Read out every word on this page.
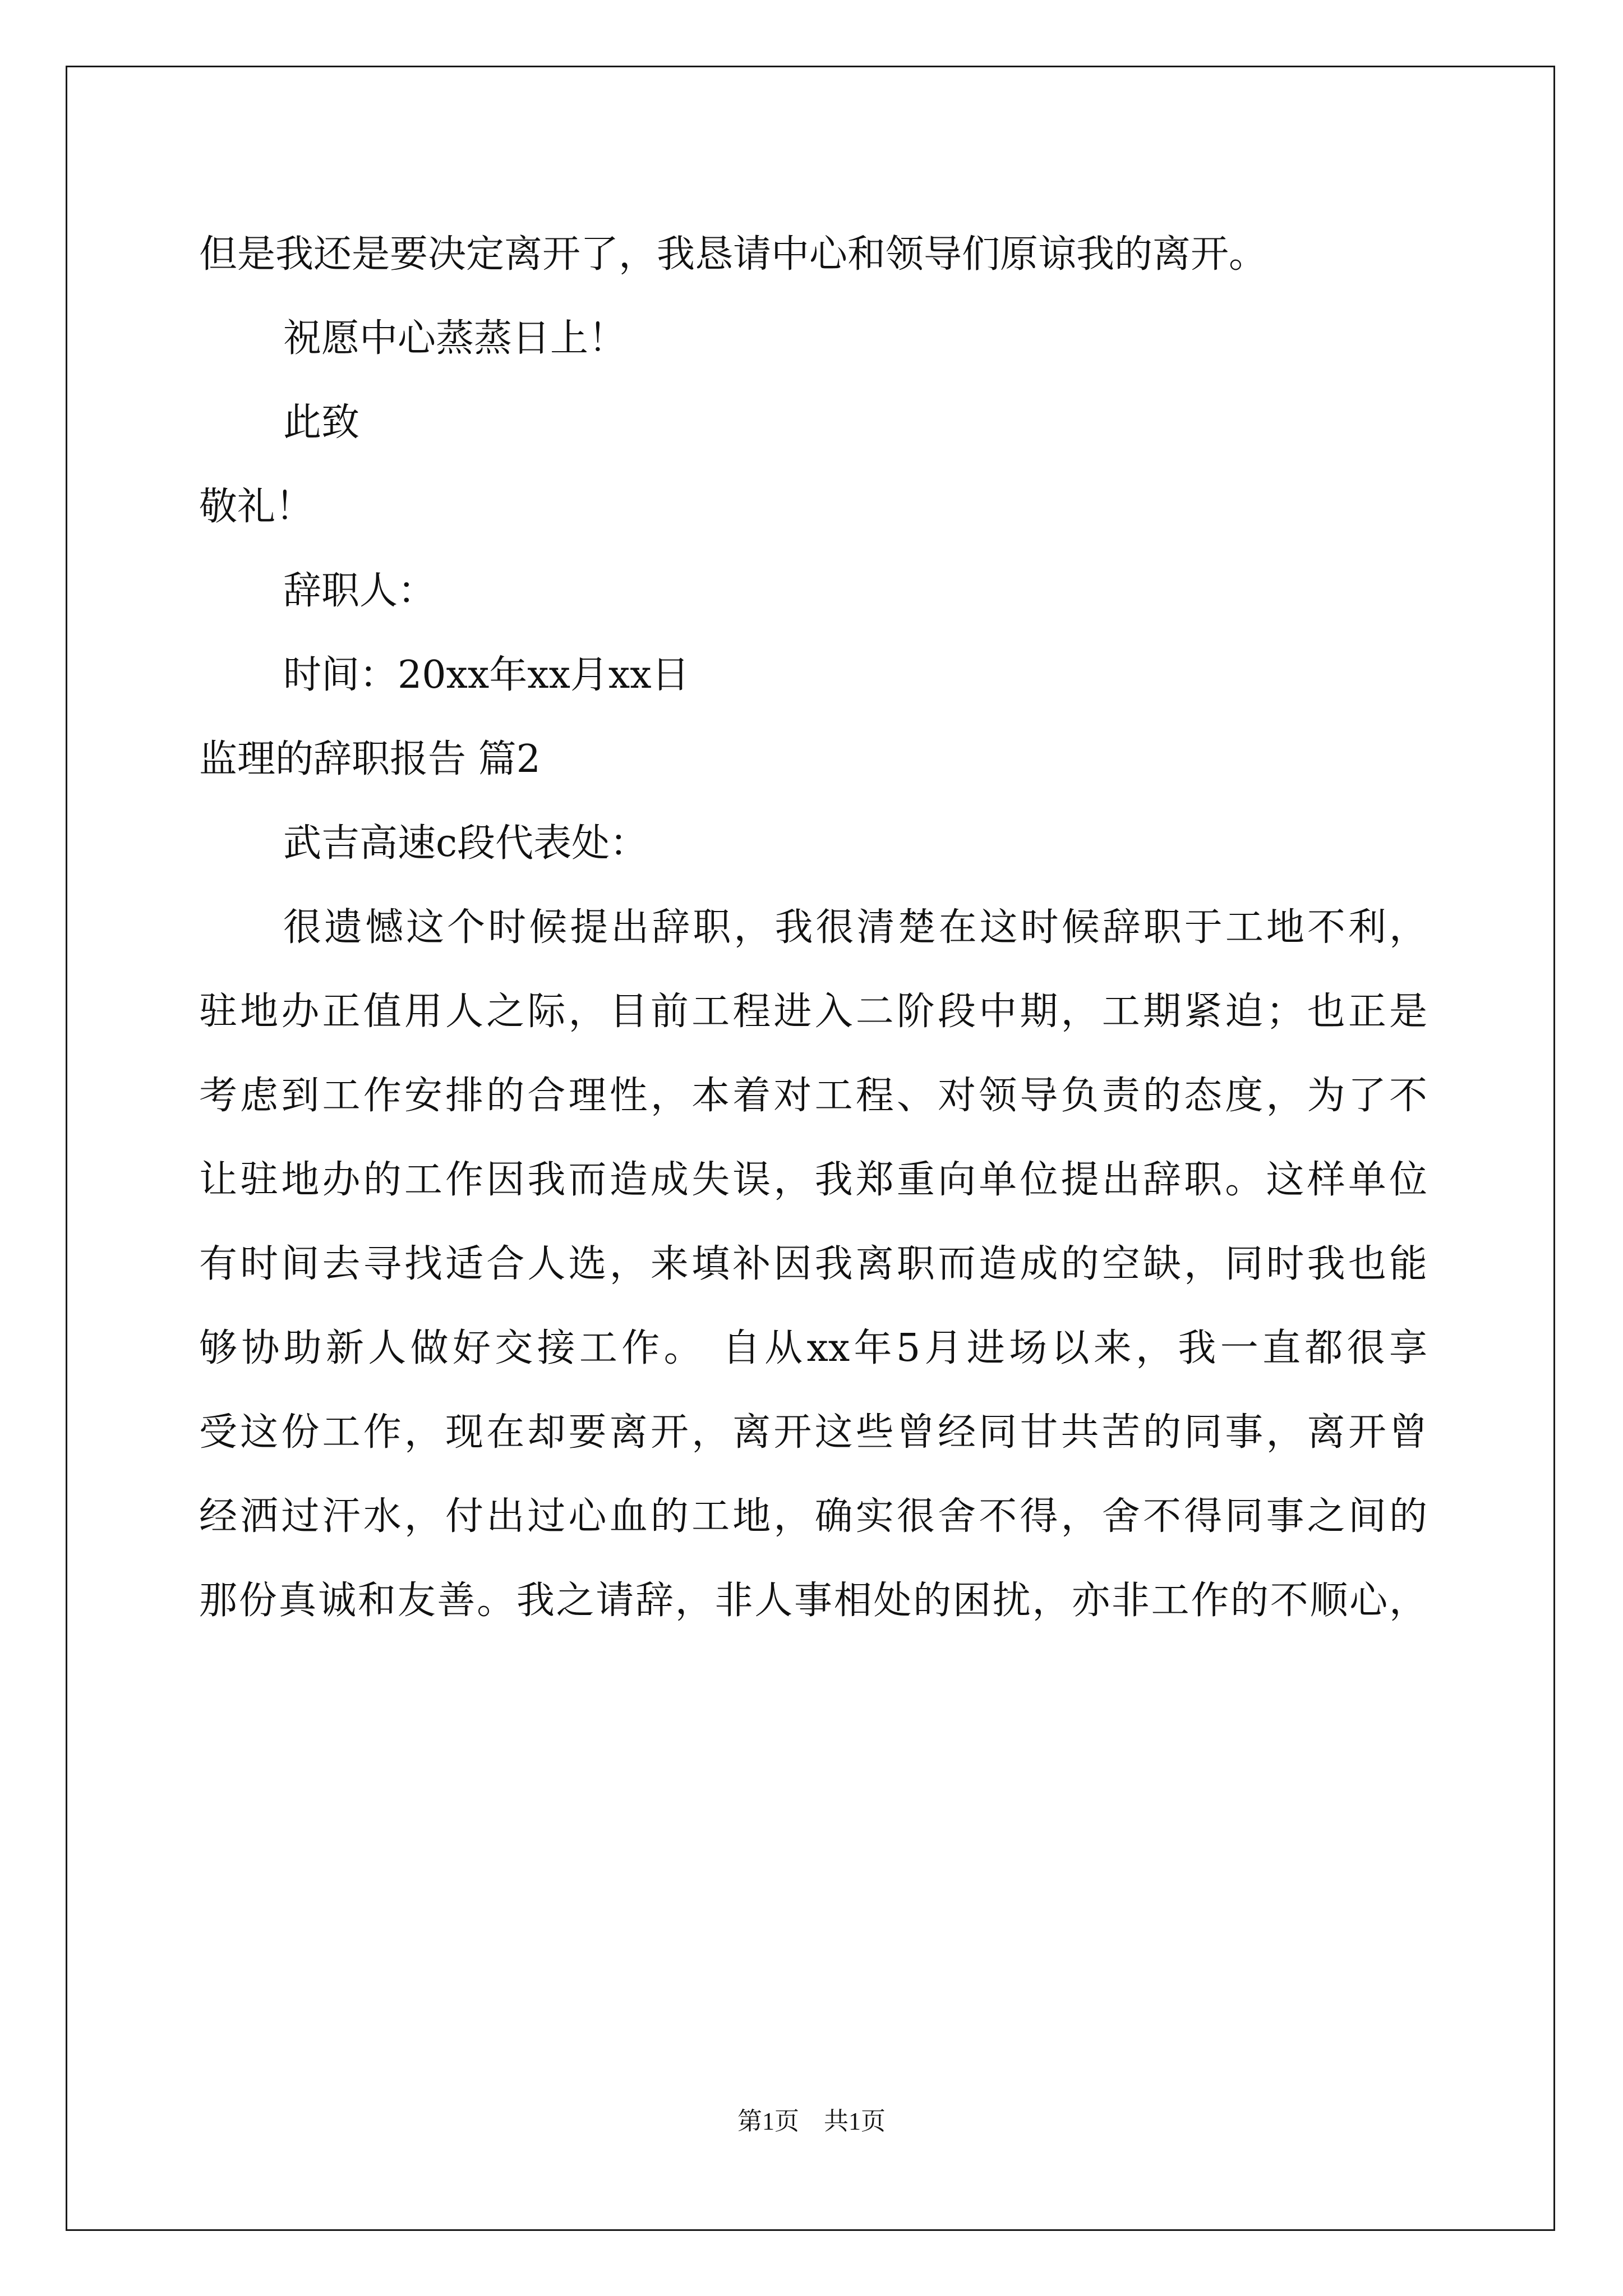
但是我还是要决定离开了，我恳请中心和领导们原谅我的离开。
祝愿中心蒸蒸日上！
此致
敬礼！
辞职人：
时间：20xx年xx月xx日
监理的辞职报告 篇2
武吉高速c段代表处：
很遗憾这个时候提出辞职，我很清楚在这时候辞职于工地不利，
驻地办正值用人之际，目前工程进入二阶段中期，工期紧迫；也正是
考虑到工作安排的合理性，本着对工程、对领导负责的态度，为了不
让驻地办的工作因我而造成失误，我郑重向单位提出辞职。这样单位
有时间去寻找适合人选，来填补因我离职而造成的空缺，同时我也能
够协助新人做好交接工作。 自从xx年5月进场以来，我一直都很享
受这份工作，现在却要离开，离开这些曾经同甘共苦的同事，离开曾
经洒过汗水，付出过心血的工地，确实很舍不得，舍不得同事之间的
那份真诚和友善。我之请辞，非人事相处的困扰，亦非工作的不顺心，
第1页　共1页
